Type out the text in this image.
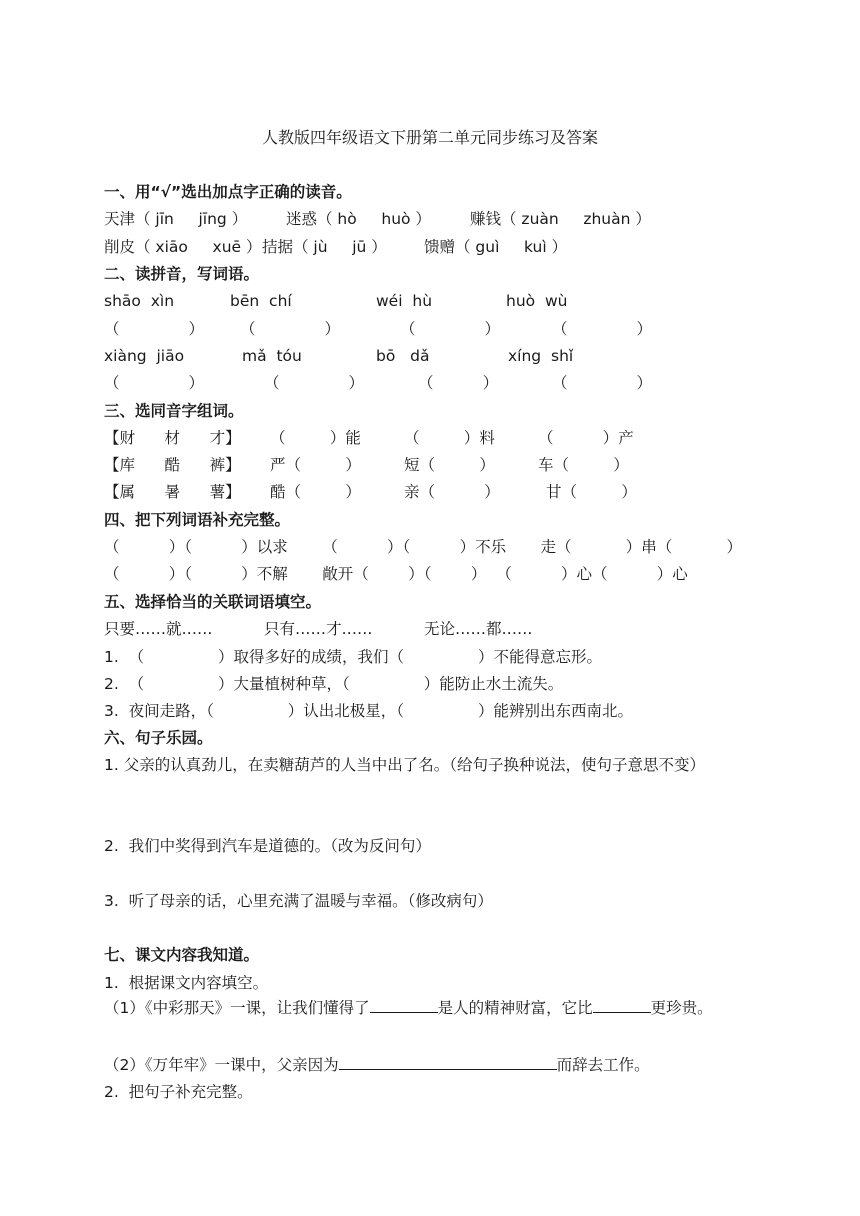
人教版四年级语文下册第二单元同步练习及答案
一、用“√”选出加点字正确的读音。
天津（ jīn     jīng ）	迷惑（ hò     huò ）	赚钱（ zuàn     zhuàn ）
削皮（ xiāo     xuē ） 拮据（ jù     jū ） 馈赠（ guì     kuì ）
二、读拼音，写词语。
shāo  xìn	bēn  chí	wéi  hù	huò  wù
（              ） （              ）	（              ）	（              ）
xiàng  jiāo	mǎ  tóu	bō   dǎ	xíng  shǐ
（              ）	（              ）	（          ）	（              ）
三、选同音字组词。
【财      材      才】 （         ）能	（         ）料	（          ）产
【库      酷      裤】 严（         ）	短（         ）	车（         ）
【属      暑      薯】 酷（         ）	亲（          ）	甘（         ）
四、把下列词语补充完整。
（          ）（          ）以求       （          ）（          ）不乐       走（           ）串（           ）
（          ）（          ）不解       敞开（        ）（        ）  （          ）心（          ）心
五、选择恰当的关联词语填空。
只要……就……	只有……才……	无论……都……
1.  （               ）取得多好的成绩，我们（               ）不能得意忘形。
2.  （               ）大量植树种草，（               ）能防止水土流失。
3.  夜间走路，（               ）认出北极星，（               ）能辨别出东西南北。
六、句子乐园。
1. 父亲的认真劲儿，在卖糖葫芦的人当中出了名。（给句子换种说法，使句子意思不变）
2.  我们中奖得到汽车是道德的。（改为反问句）
3.  听了母亲的话，心里充满了温暖与幸福。（修改病句）
七、课文内容我知道。
1.  根据课文内容填空。
（1）《中彩那天》一课，让我们懂得了	是人的精神财富，它比	更珍贵。
（2）《万年牢》一课中，父亲因为	而辞去工作。
2.  把句子补充完整。
